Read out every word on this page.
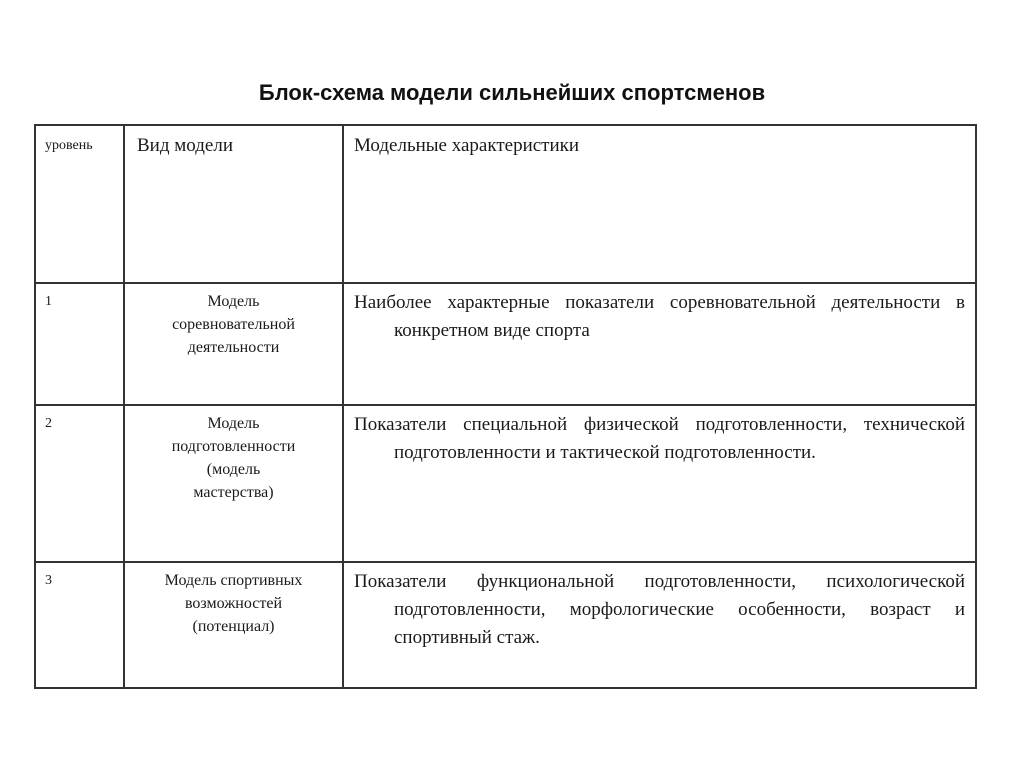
Блок-схема модели сильнейших спортсменов
уровень	Вид модели	Модельные характеристики

1	Модель
соревновательной
деятельности	Наиболее характерные показатели соревновательной деятельности в конкретном виде спорта

2	Модель
подготовленности
(модель
мастерства)	Показатели специальной физической подготовленности, технической подготовленности и тактической подготовленности.

3	Модель спортивных
возможностей
(потенциал)	Показатели функциональной подготовленности, психологической подготовленности, морфологические особенности, возраст и спортивный стаж.
